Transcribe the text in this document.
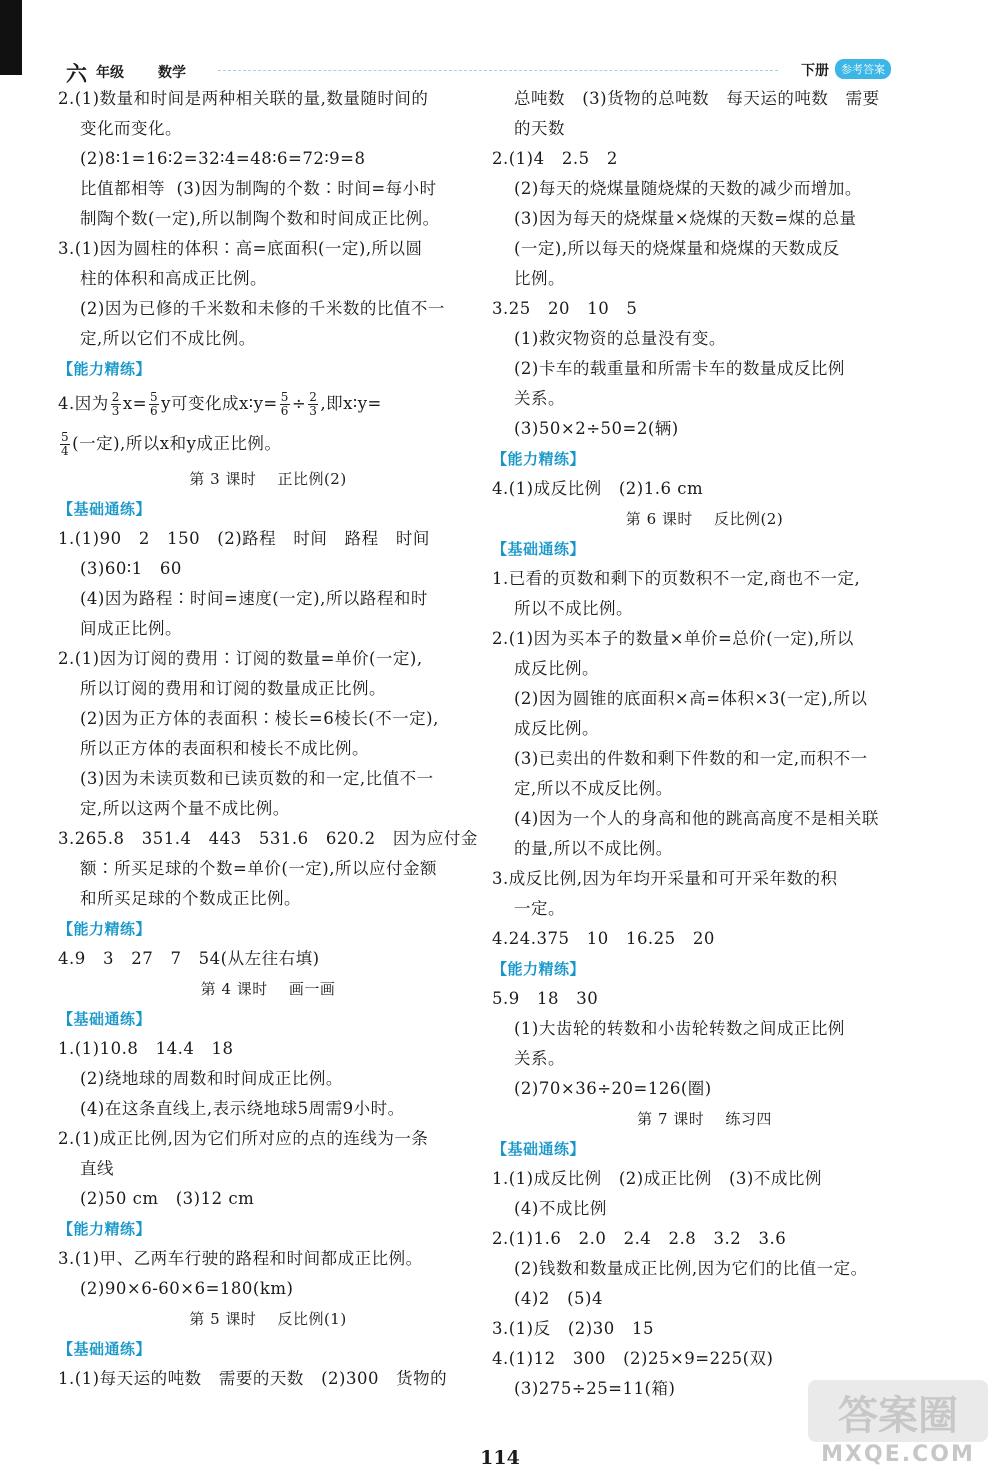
六 年级 数学	下册	参考答案
2.(1)数量和时间是两种相关联的量,数量随时间的
变化而变化。
(2)8∶1=16∶2=32∶4=48∶6=72∶9=8
比值都相等  (3)因为制陶的个数∶时间=每小时
制陶个数(一定),所以制陶个数和时间成正比例。
3.(1)因为圆柱的体积∶高=底面积(一定),所以圆
柱的体积和高成正比例。
(2)因为已修的千米数和未修的千米数的比值不一
定,所以它们不成比例。
【能力精练】
4.因为 $\frac{2}{3} x= \frac{5}{6}$ y可变化成x∶y= $\frac{5}{6} \div \frac{2}{3}$ ,即x∶y=
$\frac{5}{4}$ (一定),所以x和y成正比例。
第 3 课时    正比例(2)
【基础通练】
1.(1)90   2   150   (2)路程   时间   路程   时间
(3)60∶1   60
(4)因为路程∶时间=速度(一定),所以路程和时
间成正比例。
2.(1)因为订阅的费用∶订阅的数量=单价(一定),
所以订阅的费用和订阅的数量成正比例。
(2)因为正方体的表面积∶棱长=6棱长(不一定),
所以正方体的表面积和棱长不成比例。
(3)因为未读页数和已读页数的和一定,比值不一
定,所以这两个量不成比例。
3.265.8   351.4   443   531.6   620.2   因为应付金
额∶所买足球的个数=单价(一定),所以应付金额
和所买足球的个数成正比例。
【能力精练】
4.9   3   27   7   54(从左往右填)
第 4 课时    画一画
【基础通练】
1.(1)10.8   14.4   18
(2)绕地球的周数和时间成正比例。
(4)在这条直线上,表示绕地球5周需9小时。
2.(1)成正比例,因为它们所对应的点的连线为一条
直线
(2)50 cm   (3)12 cm
【能力精练】
3.(1)甲、乙两车行驶的路程和时间都成正比例。
(2)90×6-60×6=180(km)
第 5 课时    反比例(1)
【基础通练】
1.(1)每天运的吨数   需要的天数   (2)300   货物的
总吨数   (3)货物的总吨数   每天运的吨数   需要
的天数
2.(1)4   2.5   2
(2)每天的烧煤量随烧煤的天数的减少而增加。
(3)因为每天的烧煤量×烧煤的天数=煤的总量
(一定),所以每天的烧煤量和烧煤的天数成反
比例。
3.25   20   10   5
(1)救灾物资的总量没有变。
(2)卡车的载重量和所需卡车的数量成反比例
关系。
(3)50×2÷50=2(辆)
【能力精练】
4.(1)成反比例   (2)1.6 cm
第 6 课时    反比例(2)
【基础通练】
1.已看的页数和剩下的页数积不一定,商也不一定,
所以不成比例。
2.(1)因为买本子的数量×单价=总价(一定),所以
成反比例。
(2)因为圆锥的底面积×高=体积×3(一定),所以
成反比例。
(3)已卖出的件数和剩下件数的和一定,而积不一
定,所以不成反比例。
(4)因为一个人的身高和他的跳高高度不是相关联
的量,所以不成比例。
3.成反比例,因为年均开采量和可开采年数的积
一定。
4.24.375   10   16.25   20
【能力精练】
5.9   18   30
(1)大齿轮的转数和小齿轮转数之间成正比例
关系。
(2)70×36÷20=126(圈)
第 7 课时    练习四
【基础通练】
1.(1)成反比例   (2)成正比例   (3)不成比例
(4)不成比例
2.(1)1.6   2.0   2.4   2.8   3.2   3.6
(2)钱数和数量成正比例,因为它们的比值一定。
(4)2   (5)4
3.(1)反   (2)30   15
4.(1)12   300   (2)25×9=225(双)
(3)275÷25=11(箱)
114
答案圈
MXQE.COM
